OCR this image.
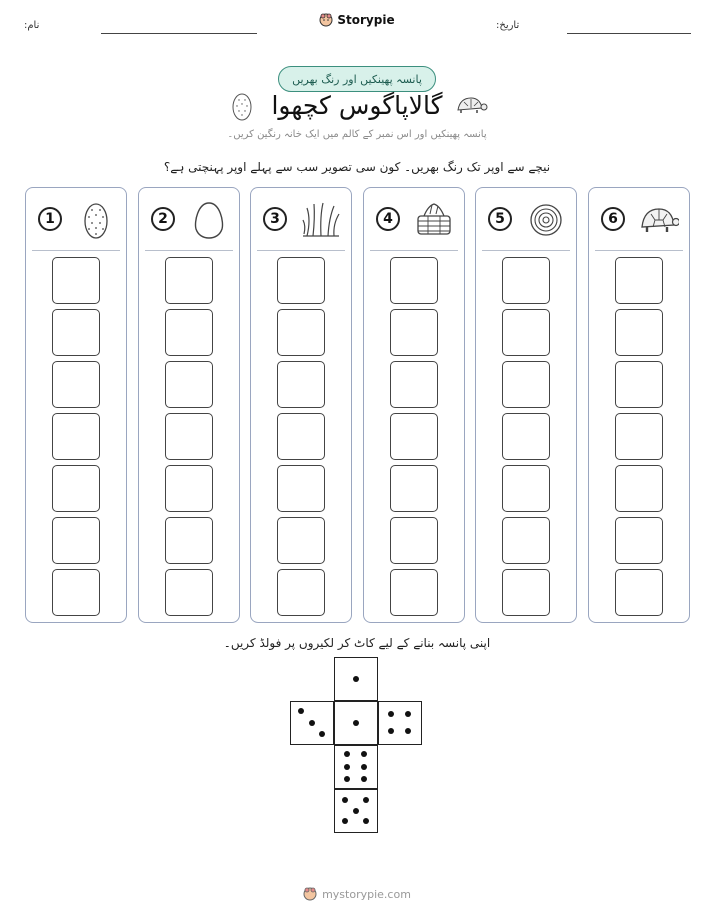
نام:	Storypie	تاریخ:
پانسہ پھینکیں اور رنگ بھریں
گالاپاگوس کچھوا
پانسہ پھینکیں اور اس نمبر کے کالم میں ایک خانہ رنگین کریں۔
نیچے سے اوپر تک رنگ بھریں۔ کون سی تصویر سب سے پہلے اوپر پہنچتی ہے؟
1	2	3	4	5	6
اپنی پانسہ بنانے کے لیے کاٹ کر لکیروں پر فولڈ کریں۔
mystorypie.com
